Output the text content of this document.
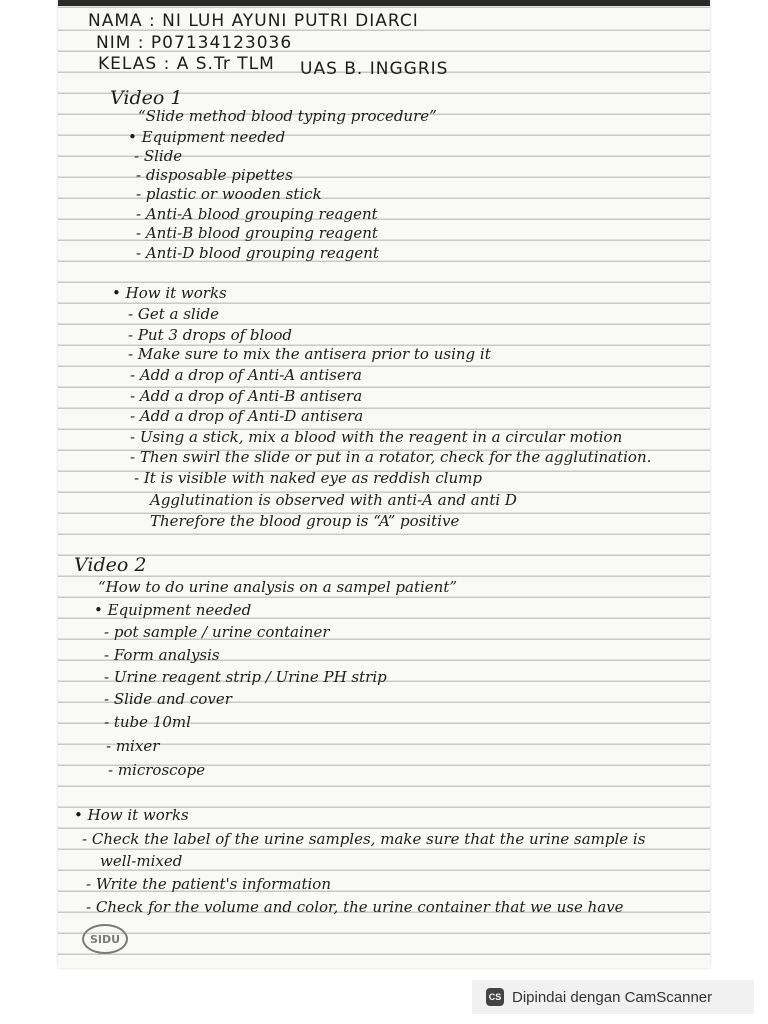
NAMA : NI LUH AYUNI PUTRI DIARCI
NIM : P07134123036
KELAS : A S.Tr TLM UAS B. INGGRIS
Video 1
“Slide method blood typing procedure”
• Equipment needed
- Slide
- disposable pipettes
- plastic or wooden stick
- Anti-A blood grouping reagent
- Anti-B blood grouping reagent
- Anti-D blood grouping reagent
• How it works
- Get a slide
- Put 3 drops of blood
- Make sure to mix the antisera prior to using it
- Add a drop of Anti-A antisera
- Add a drop of Anti-B antisera
- Add a drop of Anti-D antisera
- Using a stick, mix a blood with the reagent in a circular motion
- Then swirl the slide or put in a rotator, check for the agglutination.
- It is visible with naked eye as reddish clump
Agglutination is observed with anti-A and anti D
Therefore the blood group is “A” positive
Video 2
“How to do urine analysis on a sampel patient”
• Equipment needed
- pot sample / urine container
- Form analysis
- Urine reagent strip / Urine PH strip
- Slide and cover
- tube 10ml
- mixer
- microscope
• How it works
- Check the label of the urine samples, make sure that the urine sample is
well-mixed
- Write the patient's information
- Check for the volume and color, the urine container that we use have
SIDU
CS Dipindai dengan CamScanner
